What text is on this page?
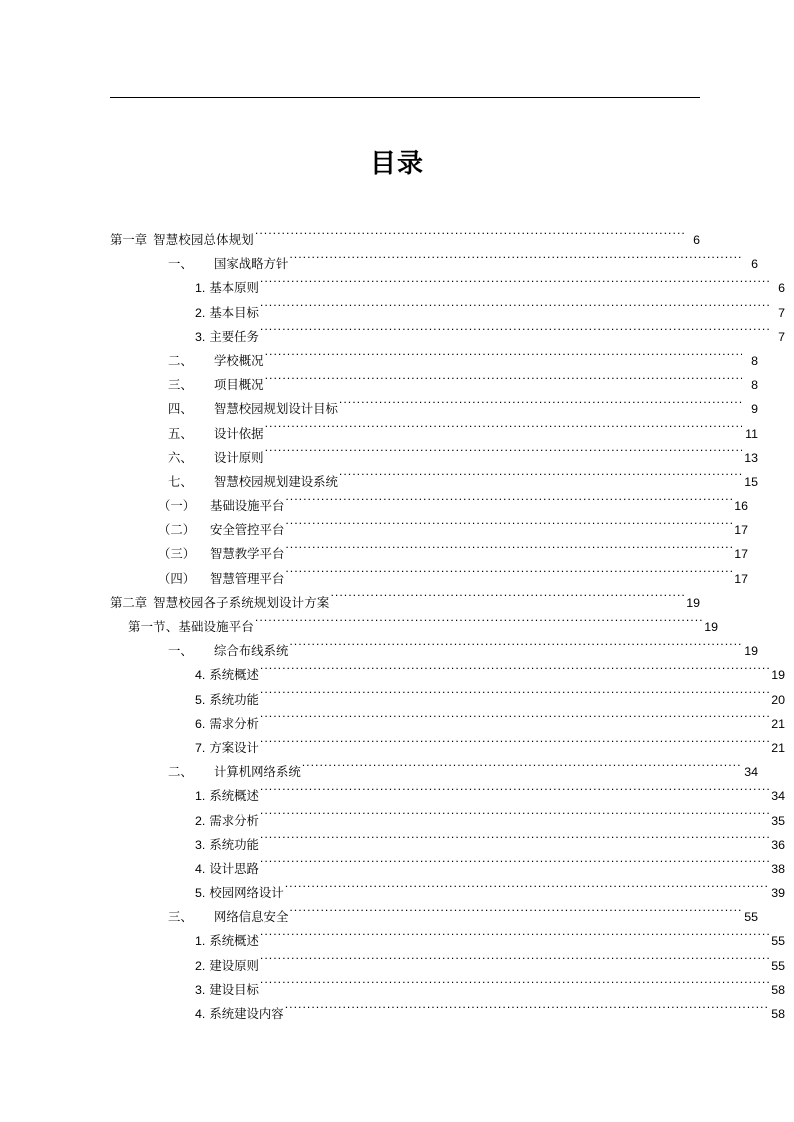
目录
第一章 智慧校园总体规划 .....	6
一、	国家战略方针 .....	6
1. 基本原则 .....	6
2. 基本目标 .....	7
3. 主要任务 .....	7
二、	学校概况 .....	8
三、	项目概况 .....	8
四、	智慧校园规划设计目标 .....	9
五、	设计依据 .....	11
六、	设计原则 .....	13
七、	智慧校园规划建设系统 .....	15
（一）	基础设施平台 .....	16
（二）	安全管控平台 .....	17
（三）	智慧教学平台 .....	17
（四）	智慧管理平台 .....	17
第二章 智慧校园各子系统规划设计方案 .....	19
第一节、基础设施平台 .....	19
一、	综合布线系统 .....	19
4. 系统概述 .....	19
5. 系统功能 .....	20
6. 需求分析 .....	21
7. 方案设计 .....	21
二、	计算机网络系统 .....	34
1. 系统概述 .....	34
2. 需求分析 .....	35
3. 系统功能 .....	36
4. 设计思路 .....	38
5. 校园网络设计 .....	39
三、	网络信息安全 .....	55
1. 系统概述 .....	55
2. 建设原则 .....	55
3. 建设目标 .....	58
4. 系统建设内容 .....	58
